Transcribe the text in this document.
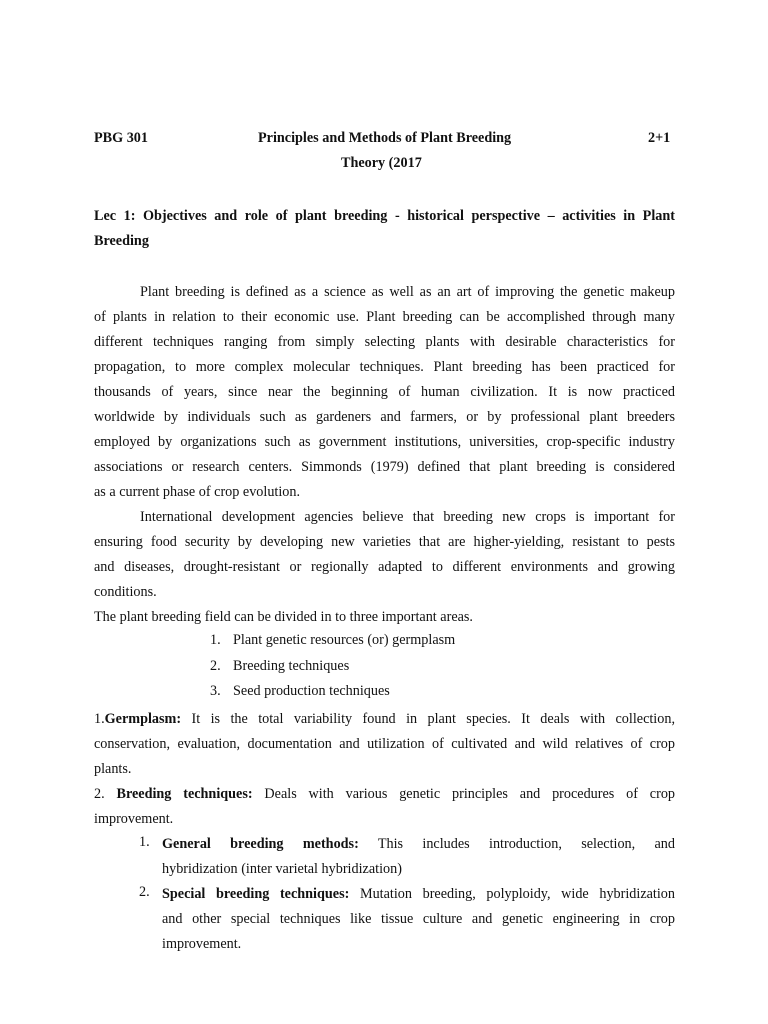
PBG 301	Principles and Methods of Plant Breeding	2+1
Theory (2017
Lec 1: Objectives and role of plant breeding - historical perspective – activities in Plant
Breeding
Plant breeding is defined as a science as well as an art of improving the genetic makeup
of plants in relation to their economic use. Plant breeding can be accomplished through many
different techniques ranging from simply selecting plants with desirable characteristics for
propagation, to more complex molecular techniques. Plant breeding has been practiced for
thousands of years, since near the beginning of human civilization. It is now practiced
worldwide by individuals such as gardeners and farmers, or by professional plant breeders
employed by organizations such as government institutions, universities, crop-specific industry
associations or research centers. Simmonds (1979) defined that plant breeding is considered
as a current phase of crop evolution.
International development agencies believe that breeding new crops is important for
ensuring food security by developing new varieties that are higher-yielding, resistant to pests
and diseases, drought-resistant or regionally adapted to different environments and growing
conditions.
The plant breeding field can be divided in to three important areas.
1. Plant genetic resources (or) germplasm
2. Breeding techniques
3. Seed production techniques
1.Germplasm: It is the total variability found in plant species. It deals with collection,
conservation, evaluation, documentation and utilization of cultivated and wild relatives of crop
plants.
2. Breeding techniques: Deals with various genetic principles and procedures of crop
improvement.
1. General breeding methods: This includes introduction, selection, and
hybridization (inter varietal hybridization)
2. Special breeding techniques: Mutation breeding, polyploidy, wide hybridization
and other special techniques like tissue culture and genetic engineering in crop
improvement.
